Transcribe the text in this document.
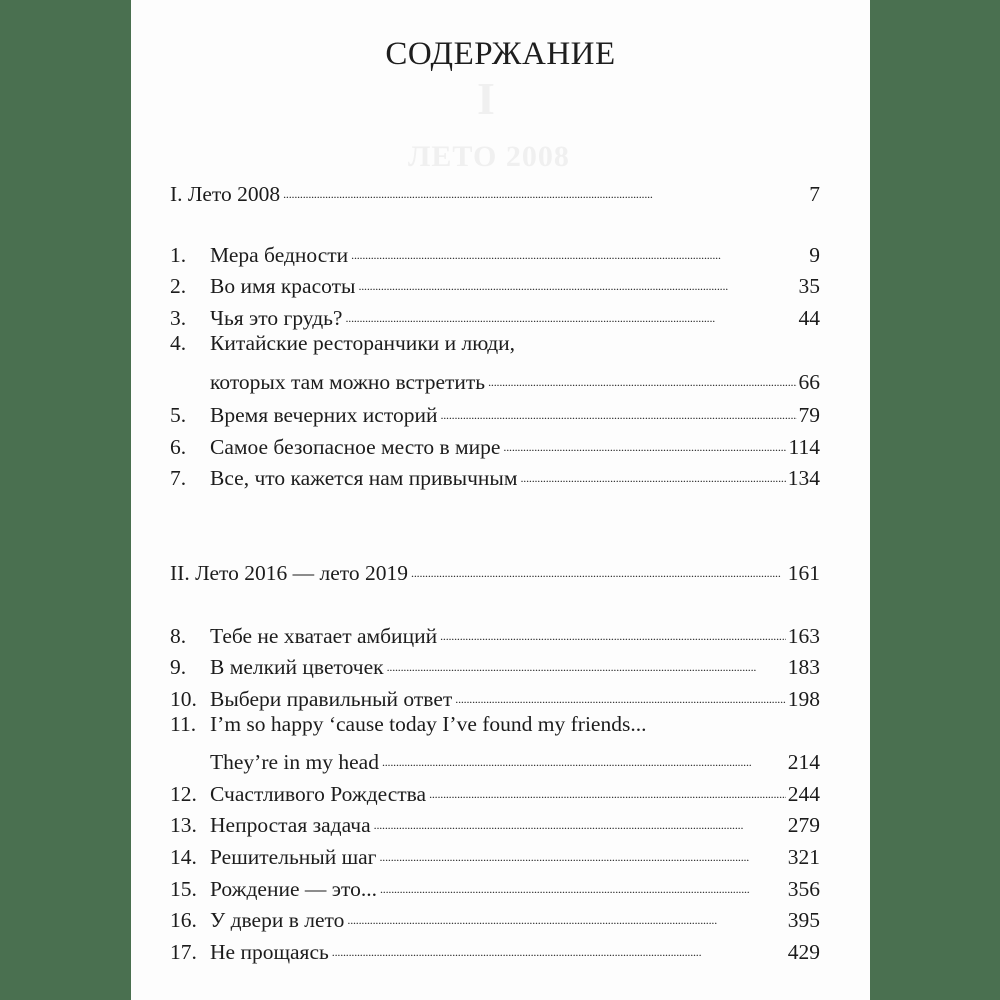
I
ЛЕТО 2008
СОДЕРЖАНИЕ
I. Лето 2008 . . .	7
1.	Мера бедности . . .	9
2.	Во имя красоты . . .	35
3.	Чья это грудь? . . .	44
4.	Китайские ресторанчики и люди,
которых там можно встретить . . .	66
5.	Время вечерних историй . . .	79
6.	Самое безопасное место в мире . . .	114
7.	Все, что кажется нам привычным . . .	134
II. Лето 2016 — лето 2019 . . .	161
8.	Тебе не хватает амбиций . . .	163
9.	В мелкий цветочек . . .	183
10. Выбери правильный ответ . . .	198
11. I’m so happy ‘cause today I’ve found my friends...
They’re in my head . . .	214
12. Счастливого Рождества . . .	244
13. Непростая задача . . .	279
14. Решительный шаг . . .	321
15. Рождение — это... . . .	356
16. У двери в лето . . .	395
17. Не прощаясь . . .	429
